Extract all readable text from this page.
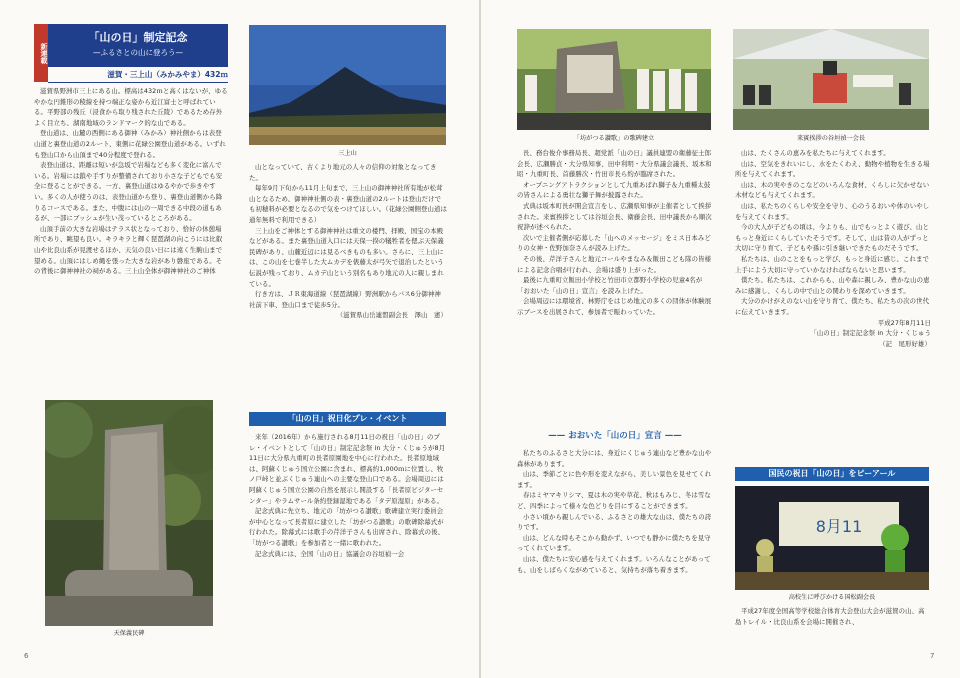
新連載
「山の日」制定記念
—ふるさとの山に登ろう—
滋賀・三上山（みかみやま）432ｍ

滋賀県野洲市三上にある山。標高は432ｍと高くはないが、ゆるやかな円錐形の稜線を持つ端正な姿から近江富士と呼ばれている。平野部の残丘（浸食から取り残された丘陵）であるため存外よく目立ち、湖南地域のランドマーク的な山である。

登山道は、山麓の西側にある御神（みかみ）神社側からは表登山道と裏登山道の2ルート、東側に花緑公園登山道がある。いずれも登山口から山頂まで40分程度で登れる。

表登山道は、距離は短いが急坂で岩場なども多く変化に富んでいる。岩場には鎖や手すりが整備されており小さな子どもでも安全に登ることができる。一方、裏登山道はゆるやかで歩きやすい。多くの人が使うのは、表登山道から登り、裏登山道側から降りるコースである。また、中腹には山の一周できる中段の道もあるが、一部にブッシュが生い茂っているところがある。

山頂手前の大きな岩場はテラス状となっており、恰好の休憩場所であり、眺望も良い。キラキラと輝く琵琶湖の向こうには比叡山や比良山系が見渡せるほか、天気の良い日には遠く生駒山まで望める。山頂にはしめ縄を張った大きな岩があり磐座である。その背後に御神神社の祠がある。三上山全体が御神神社のご神体

天保義民碑
三上山

山となっていて、古くより地元の人々の信仰の対象となってきた。

毎年9月下旬から11月上旬まで、三上山の御神神社所有地が松茸山となるため、御神神社側の表・裏登山道の2ルートは登山だけでも初穂料が必要となるので気をつけてほしい。（花緑公園側登山道は通年無料で利用できる）

三上山をご神体とする御神神社は重文の楼門、拝殿、国宝の本殿などがある。また裏登山道入口には天保一揆の犠牲者を偲ぶ天保義民碑があり、山麓近辺には見るべきものも多い。さらに、三上山には、この山を七巻半した大ムカデを俵藤太が弓矢で退治したという伝説が残っており、ムカデ山という別名もあり地元の人に親しまれている。

行き方は、ＪＲ東海道線（琵琶湖線）野洲駅からバス6分御神神社前下車、登山口まで徒歩5分。

（滋賀県山岳連盟副会長　澤山　憲）

「山の日」祝日化プレ・イベント

来年（2016年）から施行される8月11日の祝日「山の日」のプレ・イベントとして「山の日」制定記念祭 in 大分・くじゅうが8月11日に大分県九重町の長者原園地を中心に行われた。長者原地域は、阿蘇くじゅう国立公園に含まれ、標高約1,000ｍに位置し、牧ノ戸峠と並ぶくじゅう連山への主要な登山口である。会場周辺には阿蘇くじゅう国立公園の自然を展示し開設する「長者原ビジターセンター」やラムサール条約登録湿地である「タデ原湿原」がある。

記念式典に先立ち、地元の「坊がつる讃歌」歌碑建立実行委員会が中心となって長者原に建立した「坊がつる讃歌」の歌碑除幕式が行われた。除幕式には歌手の芹洋子さんも出席され、除幕式の後、「坊がつる讃歌」を参加者と一緒に歌われた。

記念式典には、全国「山の日」協議会の谷垣禎一会

6
「坊がつる讃歌」の歌碑建立	来賓挨拶の谷垣禎一会長

長、務台俊介事務局長、超党派「山の日」議員連盟の衛藤征士郎会長、広瀬勝貞・大分県知事、田中利明・大分県議会議長、坂本和昭・九重町長、首藤勝次・竹田市長ら約が臨席された。

オープニングアトラクションとして九重あばれ獅子＆九重種太鼓の皆さんによる勇壮な獅子舞が披露された。

式典は坂本町長が開会宣言をし、広瀬県知事が主催者として挨拶された。来賓挨拶としては谷垣会長、衛藤会長、田中議長から順次祝辞が述べられた。

次いで主催者側が応募した「山へのメッセージ」をミス日本みどりの女神・佐野加奈さんが読み上げた。

その後、芹洋子さんと地元コールやまなみ＆飯田こども隊の皆様による記念合唱が行われ、会場は盛り上がった。

最後に九重町立飯田小学校と竹田市立都野小学校の児童4名が「おおいた「山の日」宣言」を読み上げた。

会場周辺には環境省、林野庁をはじめ地元の多くの団体が体験展示ブースを出展されて、参加者で賑わっていた。

—— おおいた「山の日」宣言 ——

私たちのふるさと大分には、身近にくじゅう連山など豊かな山や森林があります。

山は、季節ごとに色や形を変えながら、美しい景色を見せてくれます。

春はミヤマキリシマ、夏は木の実や草花、秋はもみじ、冬は雪など、四季によって様々な色どりを目にすることができます。

小さい頃から親しんでいる、ふるさとの雄大な山は、僕たちの誇りです。

山は、どんな時もそこから動かず、いつでも静かに僕たちを見守ってくれています。

山は、僕たちに安心感を与えてくれます。いろんなことがあっても、山をしばらくながめていると、気持ちが落ち着きます。

山は、たくさんの恵みを私たちに与えてくれます。

山は、空気をきれいにし、水をたくわえ、動物や植物を生きる場所を与えてくれます。

山は、木の実やきのこなどのいろんな食材、くらしに欠かせない木材なども与えてくれます。

山は、私たちのくらしや安全を守り、心のうるおいや体のいやしを与えてくれます。

今の大人が子どもの頃は、今よりも、山でもっとよく遊び、山ともっと身近にくらしていたそうです。そして、山は昔の人がずっと大切に守り育て、子どもや孫に引き継いできたものだそうです。

私たちは、山のことをもっと学び、もっと身近に感じ、これまで上手によう大切に守っていかなければならないと思います。

僕たち、私たちは、これからも、山や森に親しみ、豊かな山の恵みに感謝し、くらしの中で山との関わりを深めていきます。

大分のかけがえのない山を守り育て、僕たち、私たちの次の世代に伝えていきます。

平成27年8月11日

「山の日」制定記念祭 in 大分・くじゅう

（記　尾形好雄）

国民の祝日「山の日」をピーアール
8月11
高校生に呼びかける国松副会長

平成27年度全国高等学校総合体育大会登山大会が滋賀の山、高島トレイル・比良山系を会場に開催され、

7
